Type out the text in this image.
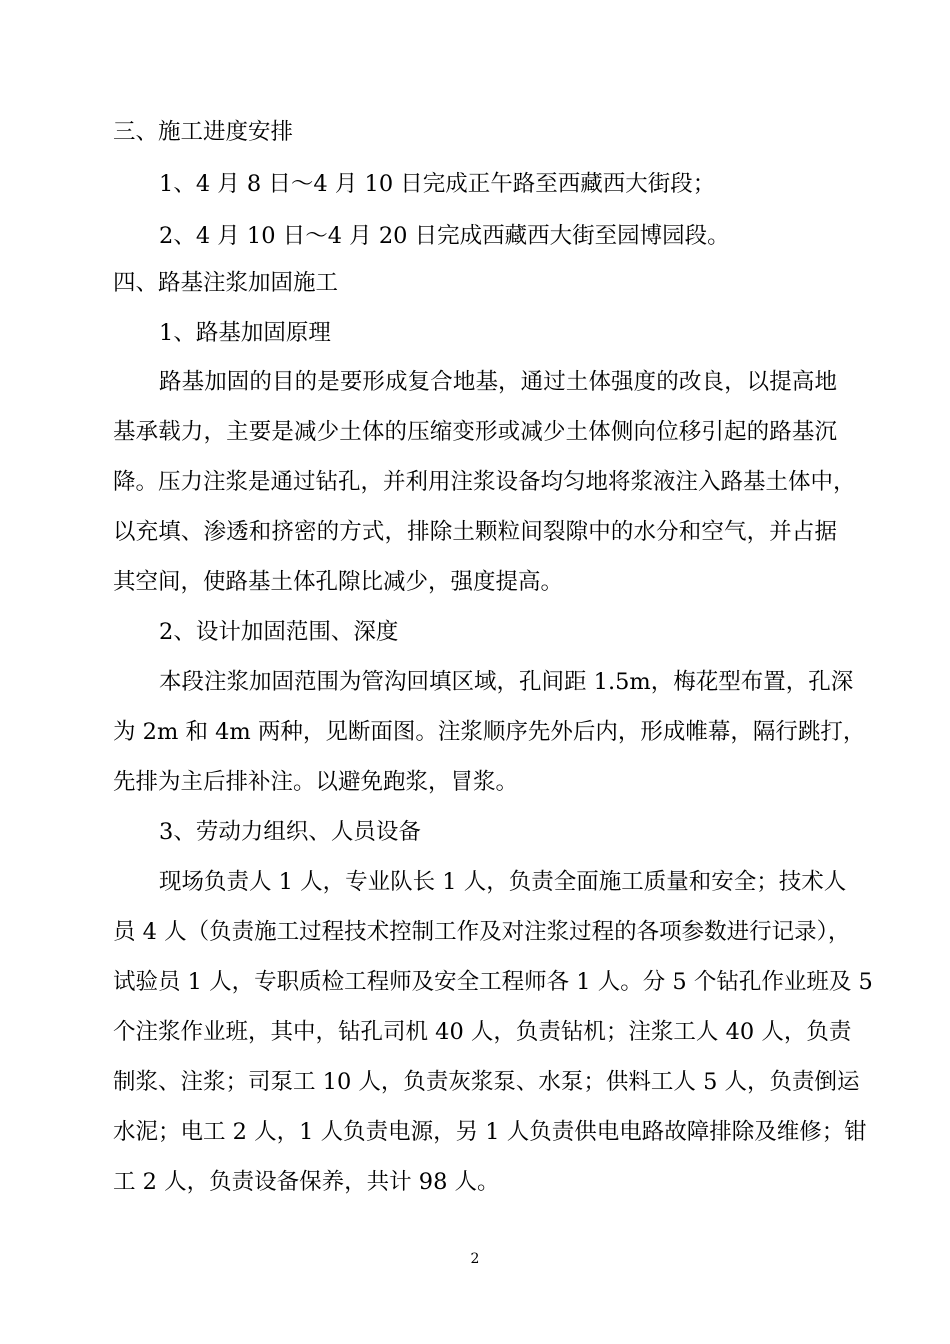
三、施工进度安排
1、4 月 8 日～4 月 10 日完成正午路至西藏西大街段；
2、4 月 10 日～4 月 20 日完成西藏西大街至园博园段。
四、路基注浆加固施工
1、路基加固原理
路基加固的目的是要形成复合地基，通过土体强度的改良，以提高地
基承载力，主要是减少土体的压缩变形或减少土体侧向位移引起的路基沉
降。压力注浆是通过钻孔，并利用注浆设备均匀地将浆液注入路基土体中，
以充填、渗透和挤密的方式，排除土颗粒间裂隙中的水分和空气，并占据
其空间，使路基土体孔隙比减少，强度提高。
2、设计加固范围、深度
本段注浆加固范围为管沟回填区域，孔间距 1.5m，梅花型布置，孔深
为 2m 和 4m 两种，见断面图。注浆顺序先外后内，形成帷幕，隔行跳打，
先排为主后排补注。以避免跑浆，冒浆。
3、劳动力组织、人员设备
现场负责人 1 人，专业队长 1 人，负责全面施工质量和安全；技术人
员 4 人（负责施工过程技术控制工作及对注浆过程的各项参数进行记录），
试验员 1 人，专职质检工程师及安全工程师各 1 人。分 5 个钻孔作业班及 5
个注浆作业班，其中，钻孔司机 40 人，负责钻机；注浆工人 40 人，负责
制浆、注浆；司泵工 10 人，负责灰浆泵、水泵；供料工人 5 人，负责倒运
水泥；电工 2 人，1 人负责电源，另 1 人负责供电电路故障排除及维修；钳
工 2 人，负责设备保养，共计 98 人。
2
